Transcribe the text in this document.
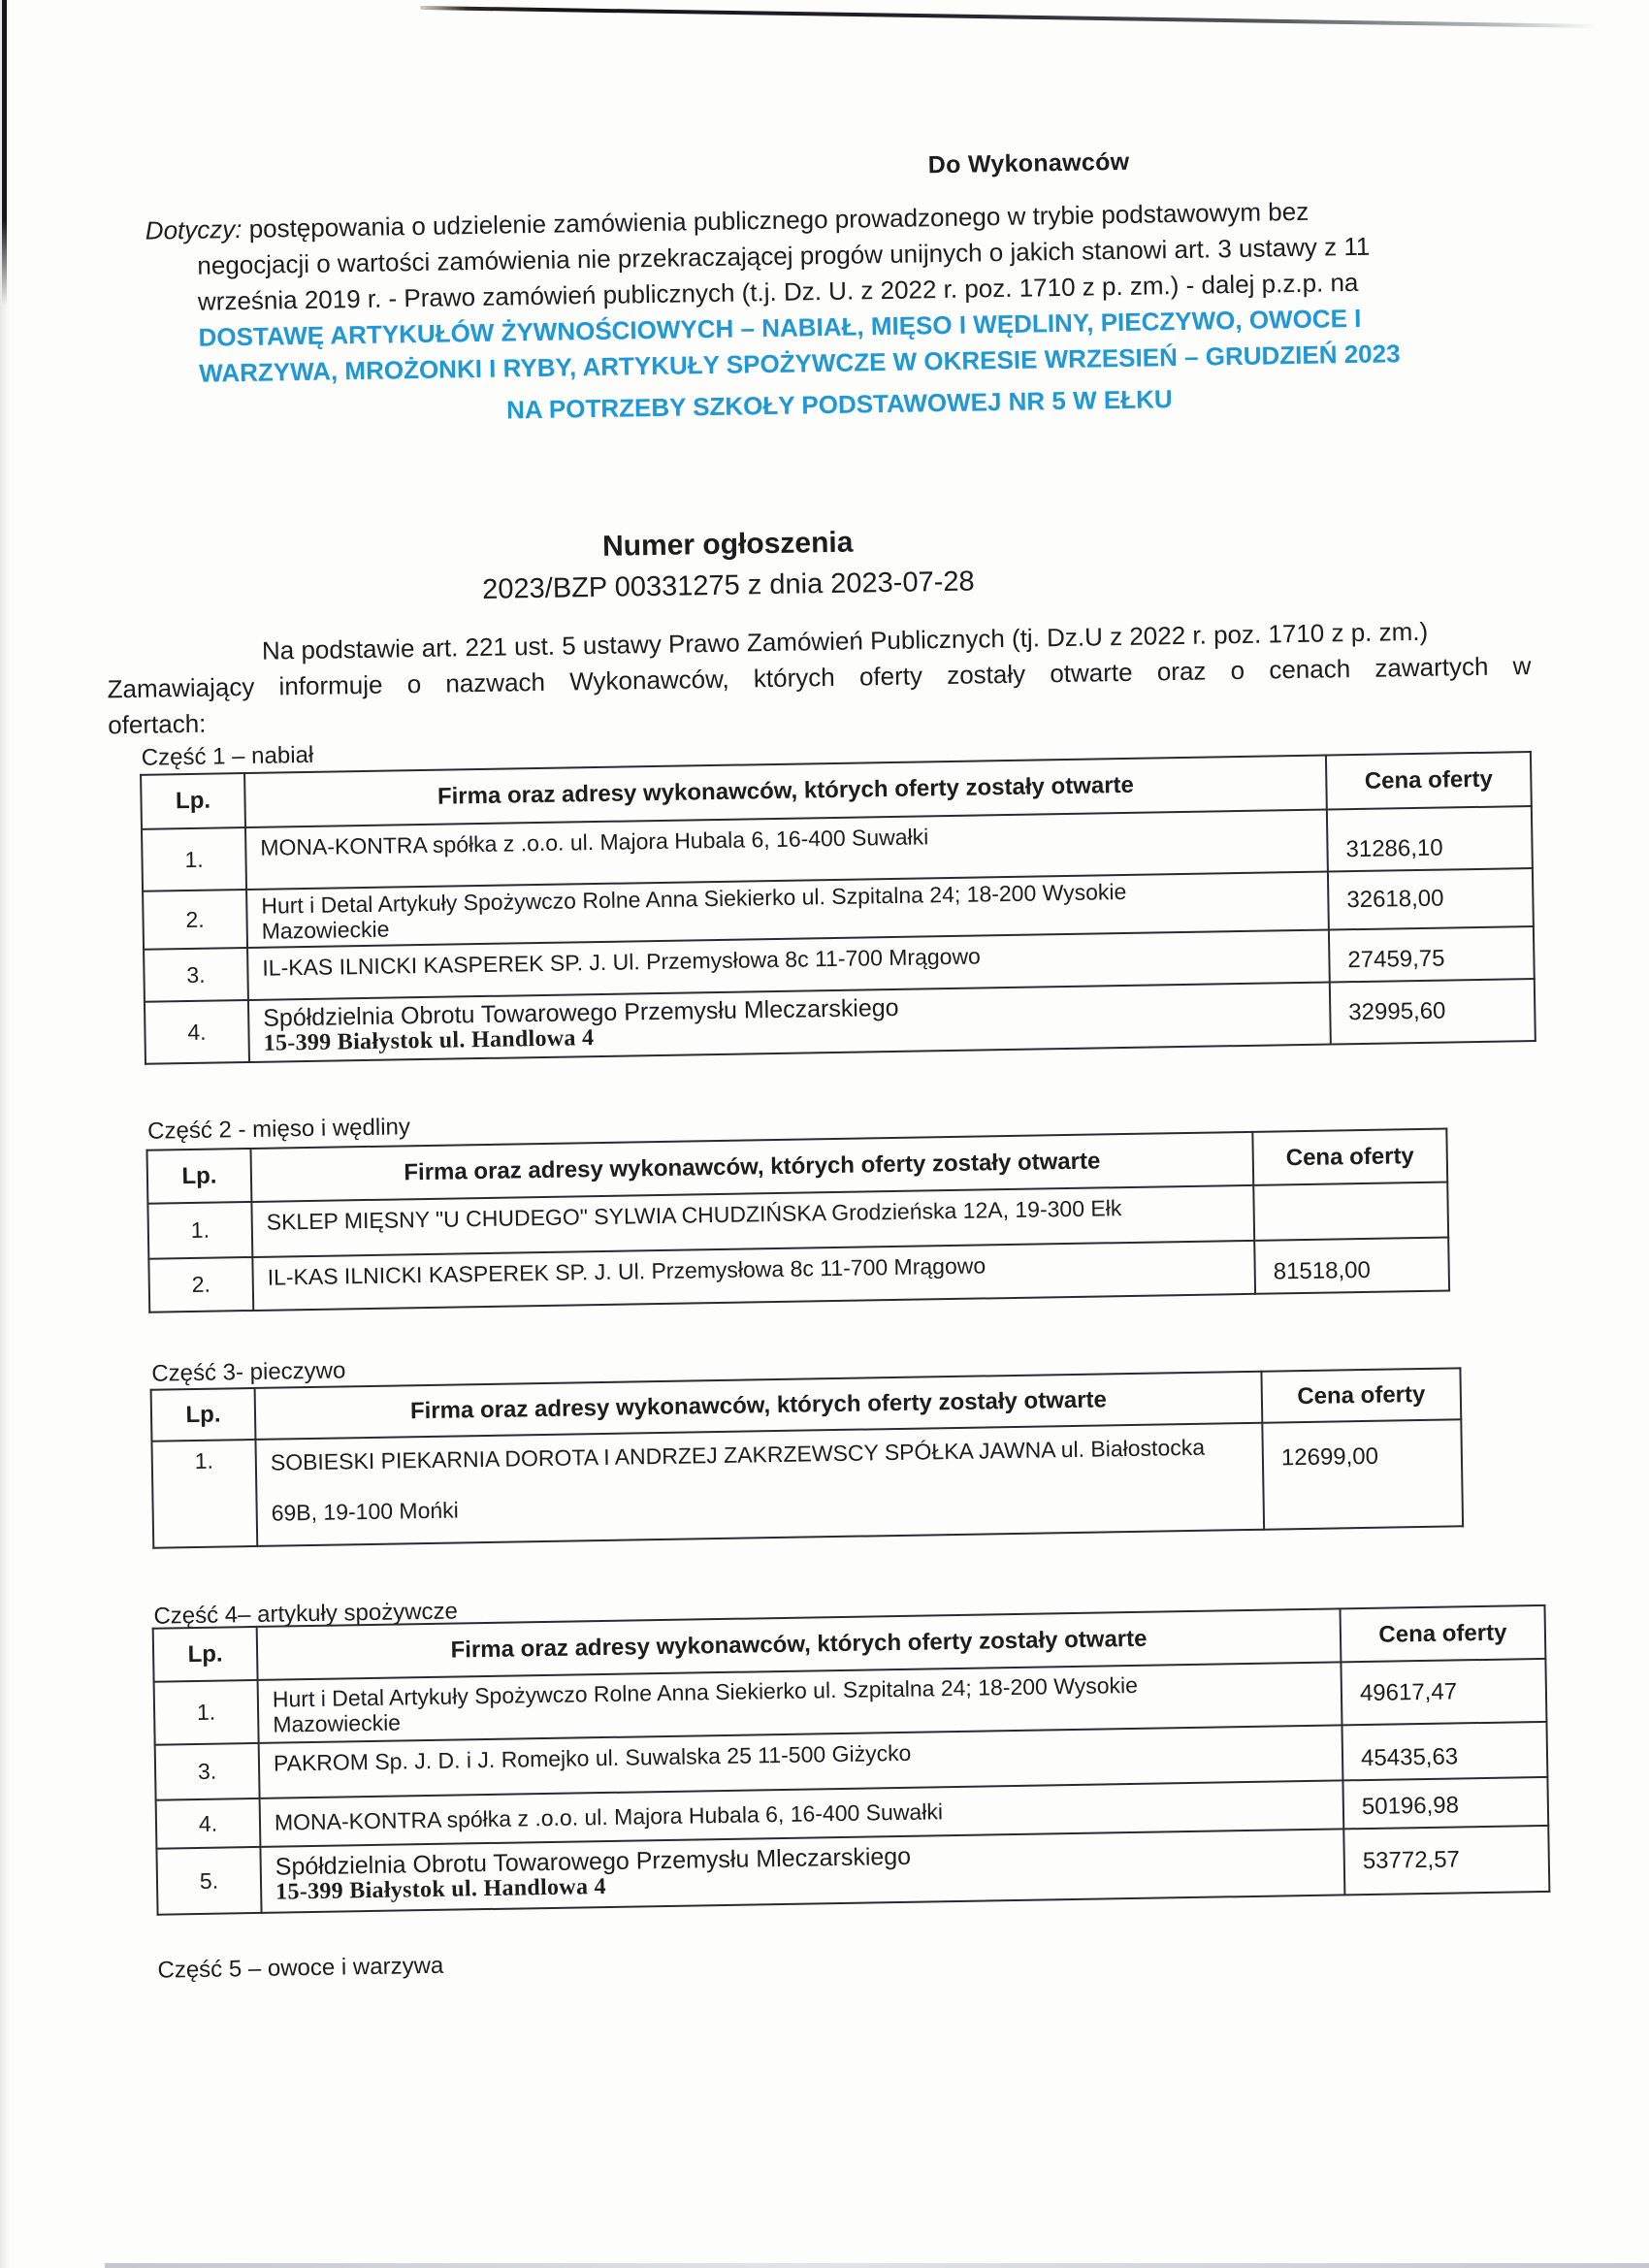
Do Wykonawców
Dotyczy: postępowania o udzielenie zamówienia publicznego prowadzonego w trybie podstawowym bez
negocjacji o wartości zamówienia nie przekraczającej progów unijnych o jakich stanowi art. 3 ustawy z 11
września 2019 r. - Prawo zamówień publicznych (t.j. Dz. U. z 2022 r. poz. 1710 z p. zm.) - dalej p.z.p. na
DOSTAWĘ ARTYKUŁÓW ŻYWNOŚCIOWYCH – NABIAŁ, MIĘSO I WĘDLINY, PIECZYWO, OWOCE I
WARZYWA, MROŻONKI I RYBY, ARTYKUŁY SPOŻYWCZE W OKRESIE WRZESIEŃ – GRUDZIEŃ 2023
NA POTRZEBY SZKOŁY PODSTAWOWEJ NR 5 W EŁKU
Numer ogłoszenia
2023/BZP 00331275 z dnia 2023-07-28
Na podstawie art. 221 ust. 5 ustawy Prawo Zamówień Publicznych (tj. Dz.U z 2022 r. poz. 1710 z p. zm.)
Zamawiający informuje o nazwach Wykonawców, których oferty zostały otwarte oraz o cenach zawartych w
ofertach:
Część 1 – nabiał
Lp.	Firma oraz adresy wykonawców, których oferty zostały otwarte	Cena oferty
1.	MONA-KONTRA spółka z .o.o. ul. Majora Hubala 6, 16-400 Suwałki	31286,10
2.	Hurt i Detal Artykuły Spożywczo Rolne Anna Siekierko ul. Szpitalna 24; 18-200 Wysokie
Mazowieckie	32618,00
3.	IL-KAS ILNICKI KASPEREK SP. J. Ul. Przemysłowa 8c 11-700 Mrągowo	27459,75
4.	Spółdzielnia Obrotu Towarowego Przemysłu Mleczarskiego
15-399 Białystok ul. Handlowa 4	32995,60
Część 2 - mięso i wędliny
Lp.	Firma oraz adresy wykonawców, których oferty zostały otwarte	Cena oferty
1.	SKLEP MIĘSNY "U CHUDEGO" SYLWIA CHUDZIŃSKA Grodzieńska 12A, 19-300 Ełk	
2.	IL-KAS ILNICKI KASPEREK SP. J. Ul. Przemysłowa 8c 11-700 Mrągowo	81518,00
Część 3- pieczywo
Lp.	Firma oraz adresy wykonawców, których oferty zostały otwarte	Cena oferty
1.	SOBIESKI PIEKARNIA DOROTA I ANDRZEJ ZAKRZEWSCY SPÓŁKA JAWNA ul. Białostocka
69B, 19-100 Mońki	12699,00
Część 4– artykuły spożywcze
Lp.	Firma oraz adresy wykonawców, których oferty zostały otwarte	Cena oferty
1.	Hurt i Detal Artykuły Spożywczo Rolne Anna Siekierko ul. Szpitalna 24; 18-200 Wysokie
Mazowieckie	49617,47
3.	PAKROM Sp. J. D. i J. Romejko ul. Suwalska 25 11-500 Giżycko	45435,63
4.	MONA-KONTRA spółka z .o.o. ul. Majora Hubala 6, 16-400 Suwałki	50196,98
5.	Spółdzielnia Obrotu Towarowego Przemysłu Mleczarskiego
15-399 Białystok ul. Handlowa 4	53772,57
Część 5 – owoce i warzywa
